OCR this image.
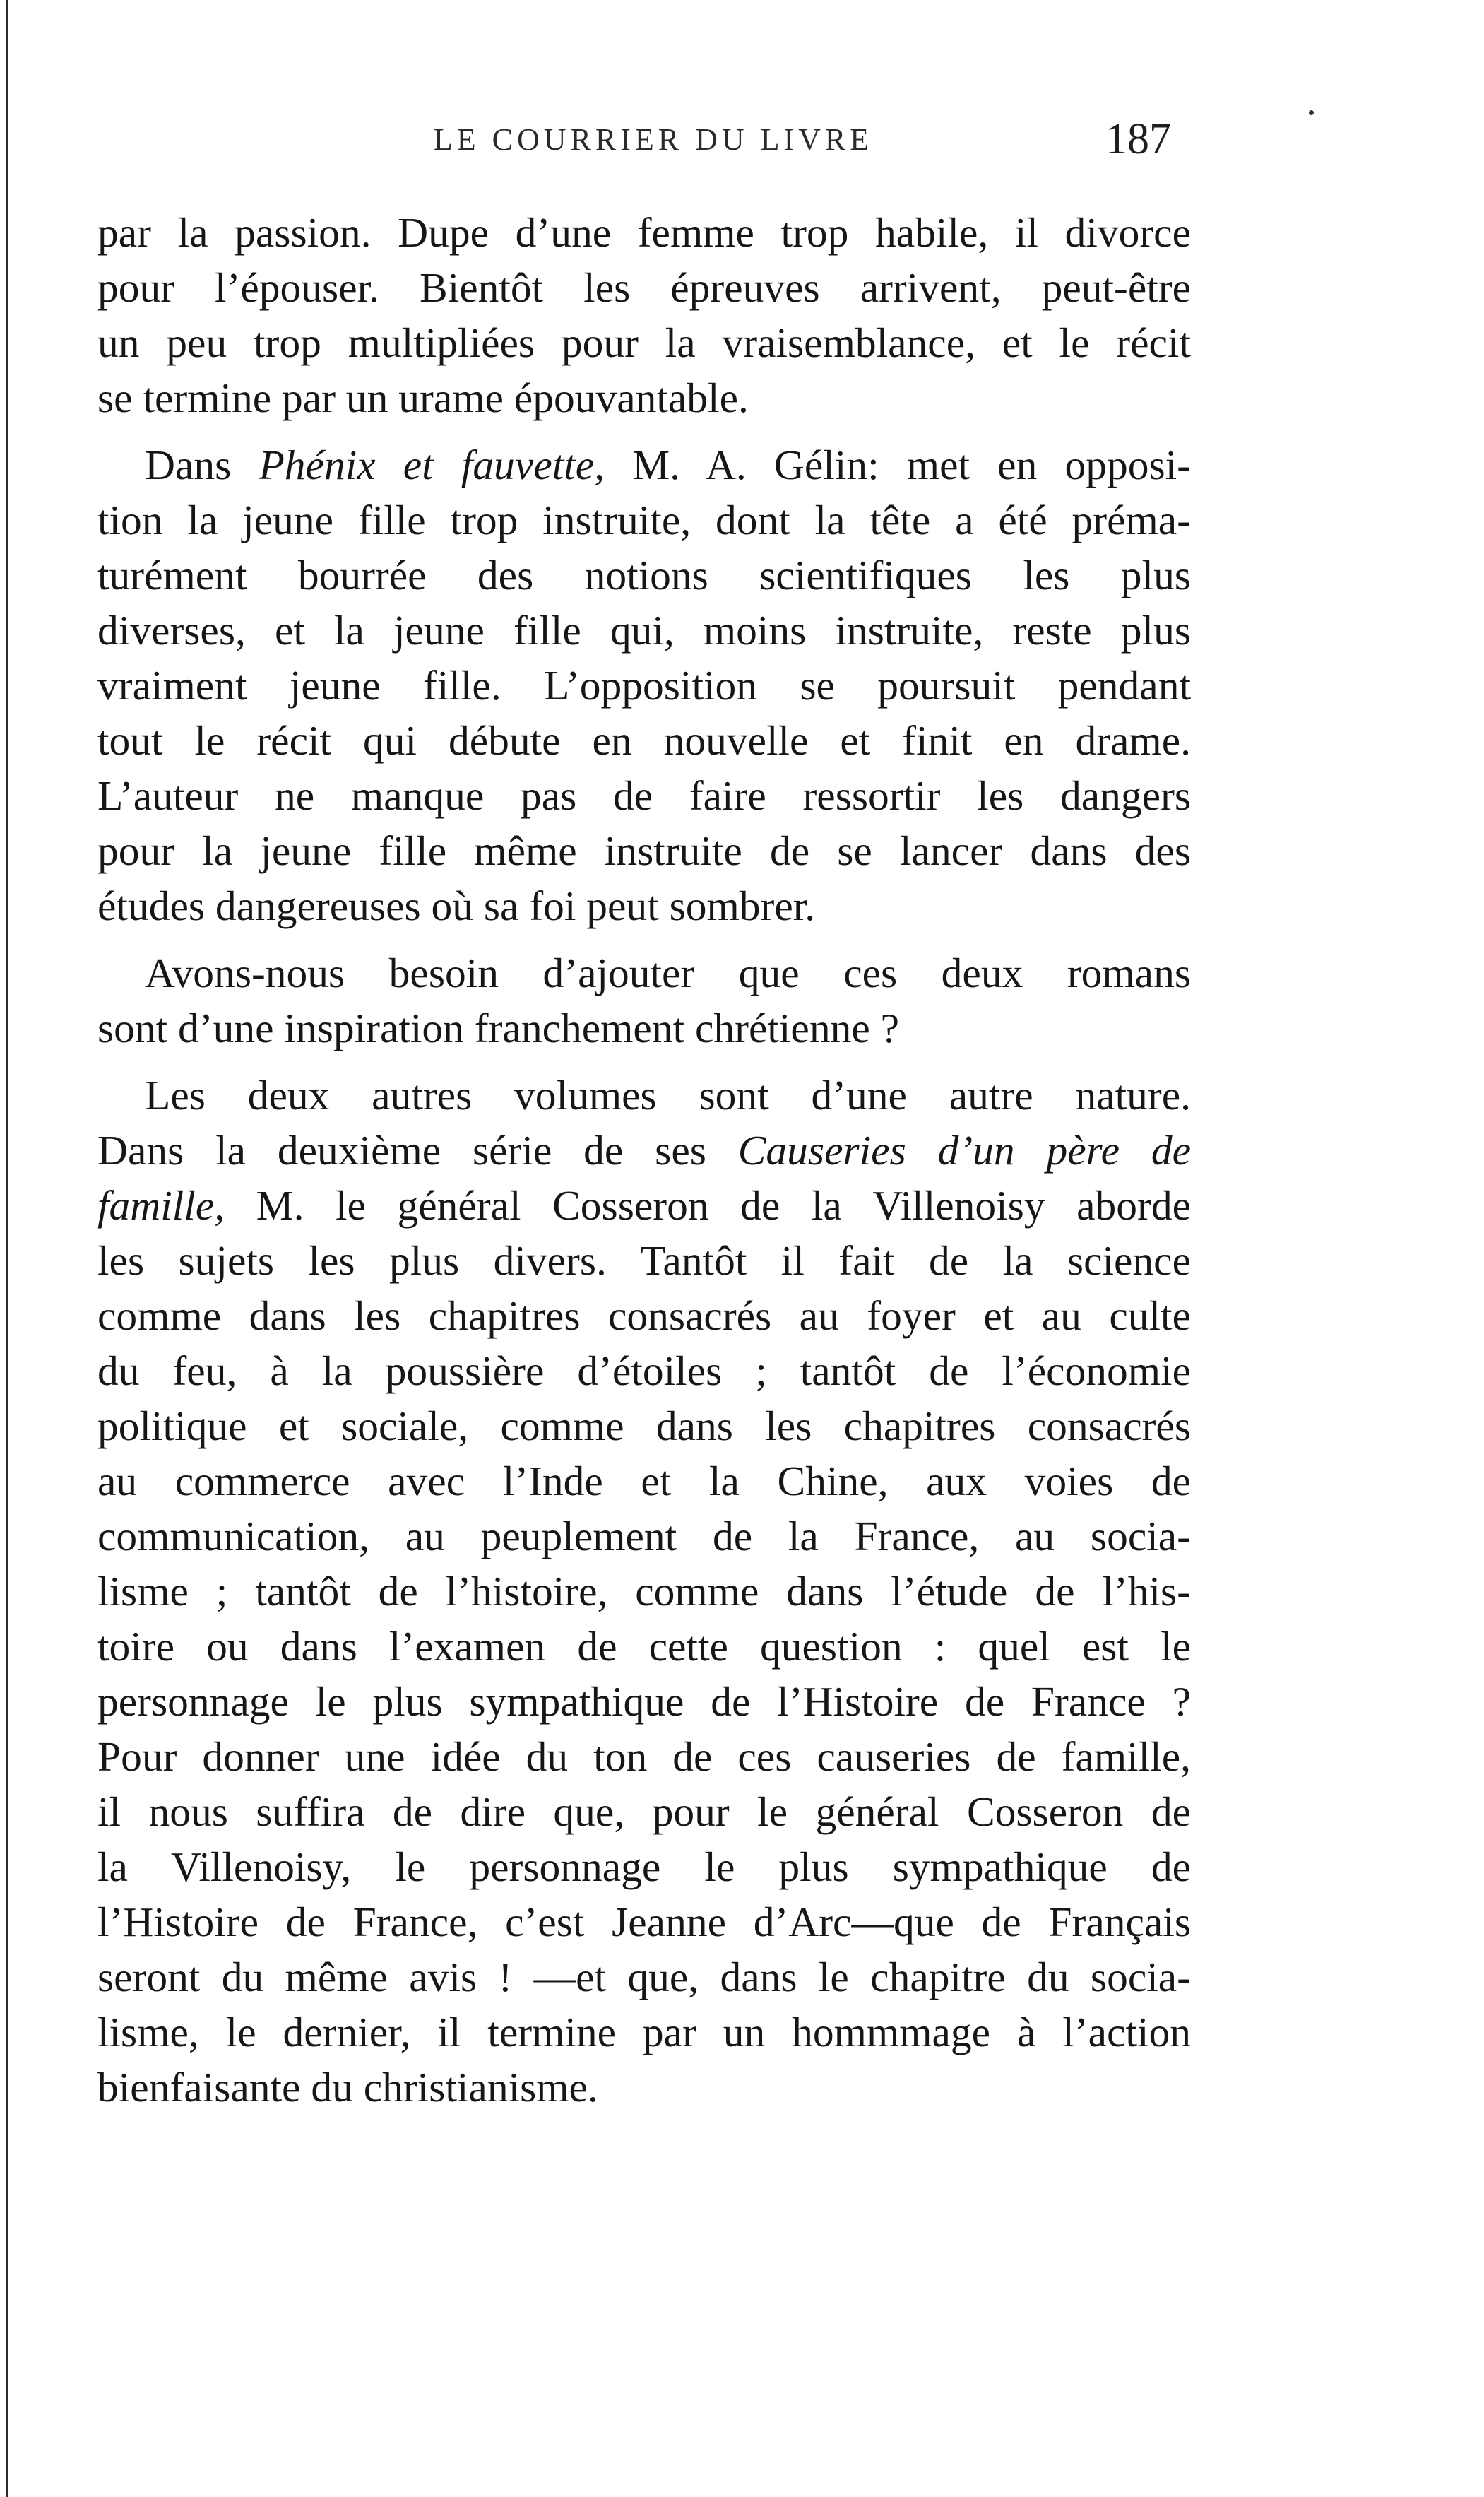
LE COURRIER DU LIVRE	187
par la passion. Dupe d’une femme trop habile, il divorce
pour l’épouser. Bientôt les épreuves arrivent, peut-être
un peu trop multipliées pour la vraisemblance, et le récit
se termine par un urame épouvantable.
Dans Phénix et fauvette, M. A. Gélin: met en opposi-
tion la jeune fille trop instruite, dont la tête a été préma-
turément bourrée des notions scientifiques les plus
diverses, et la jeune fille qui, moins instruite, reste plus
vraiment jeune fille. L’opposition se poursuit pendant
tout le récit qui débute en nouvelle et finit en drame.
L’auteur ne manque pas de faire ressortir les dangers
pour la jeune fille même instruite de se lancer dans des
études dangereuses où sa foi peut sombrer.
Avons-nous besoin d’ajouter que ces deux romans
sont d’une inspiration franchement chrétienne ?
Les deux autres volumes sont d’une autre nature.
Dans la deuxième série de ses Causeries d’un père de
famille, M. le général Cosseron de la Villenoisy aborde
les sujets les plus divers. Tantôt il fait de la science
comme dans les chapitres consacrés au foyer et au culte
du feu, à la poussière d’étoiles ; tantôt de l’économie
politique et sociale, comme dans les chapitres consacrés
au commerce avec l’Inde et la Chine, aux voies de
communication, au peuplement de la France, au socia-
lisme ; tantôt de l’histoire, comme dans l’étude de l’his-
toire ou dans l’examen de cette question : quel est le
personnage le plus sympathique de l’Histoire de France ?
Pour donner une idée du ton de ces causeries de famille,
il nous suffira de dire que, pour le général Cosseron de
la Villenoisy, le personnage le plus sympathique de
l’Histoire de France, c’est Jeanne d’Arc—que de Français
seront du même avis ! —et que, dans le chapitre du socia-
lisme, le dernier, il termine par un hommmage à l’action
bienfaisante du christianisme.
